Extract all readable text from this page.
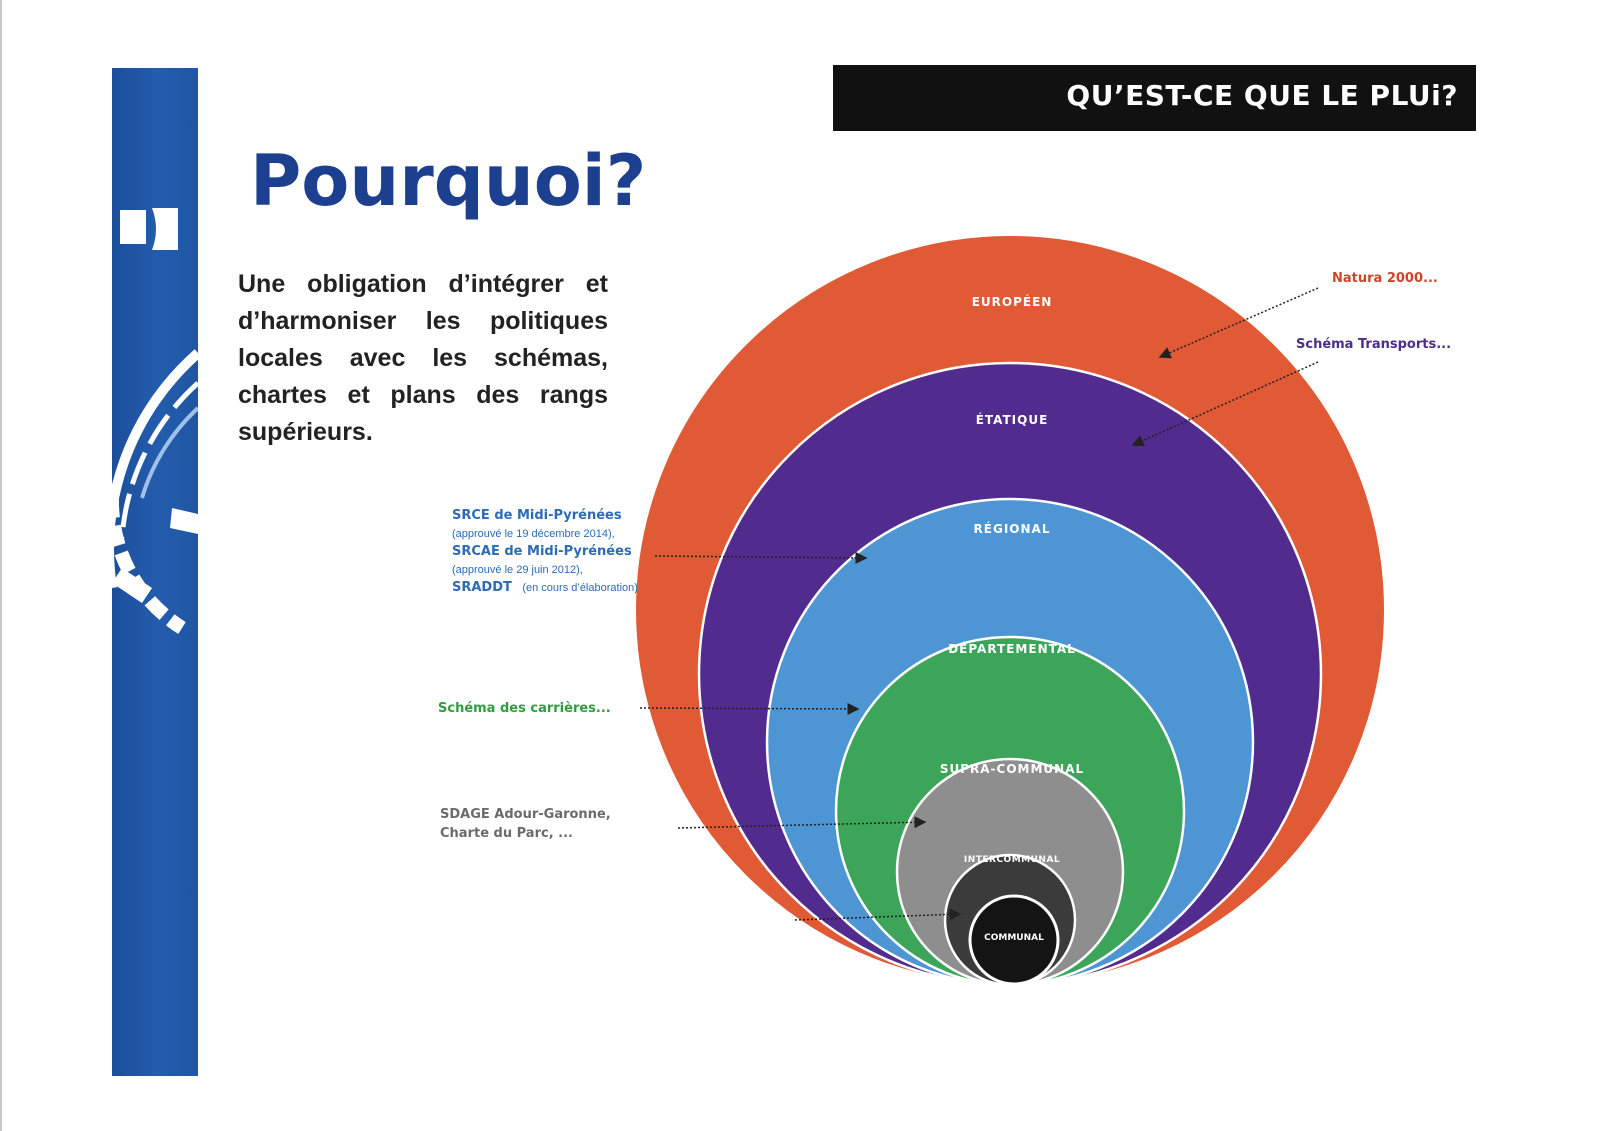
QU’EST-CE QUE LE PLUi?
Pourquoi?

Une obligation d’intégrer et d’harmoniser les politiques locales avec les schémas, chartes et plans des rangs supérieurs.

EUROPÉEN
ÉTATIQUE
RÉGIONAL
DÉPARTEMENTAL
SUPRA-COMMUNAL
INTERCOMMUNAL
COMMUNAL
Natura 2000...
Schéma Transports...
SRCE de Midi-Pyrénées
(approuvé le 19 décembre 2014),
SRCAE de Midi-Pyrénées
(approuvé le 29 juin 2012),
SRADDT (en cours d’élaboration)
Schéma des carrières...
SDAGE Adour-Garonne,
Charte du Parc, ...
